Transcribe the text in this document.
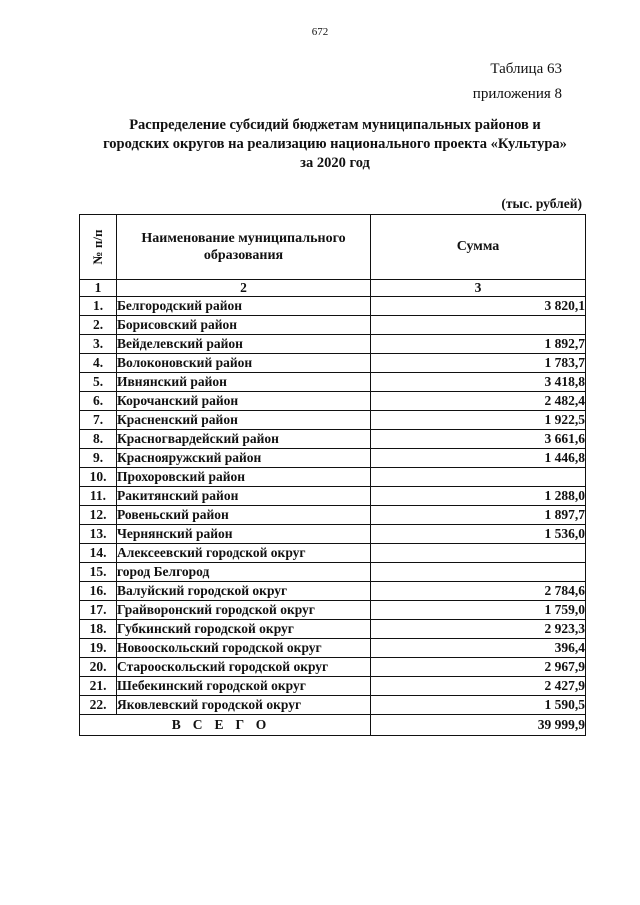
672
Таблица 63
приложения 8
Распределение субсидий бюджетам муниципальных районов и
городских округов на реализацию национального проекта «Культура»
за 2020 год
(тыс. рублей)
№ п/п	Наименование муниципального
образования	Сумма
1	2	3
1.	Белгородский район	3 820,1
2.	Борисовский район	
3.	Вейделевский район	1 892,7
4.	Волоконовский район	1 783,7
5.	Ивнянский район	3 418,8
6.	Корочанский район	2 482,4
7.	Красненский район	1 922,5
8.	Красногвардейский район	3 661,6
9.	Краснояружский район	1 446,8
10.	Прохоровский район	
11.	Ракитянский район	1 288,0
12.	Ровеньский район	1 897,7
13.	Чернянский район	1 536,0
14.	Алексеевский городской округ	
15.	город Белгород	
16.	Валуйский городской округ	2 784,6
17.	Грайворонский городской округ	1 759,0
18.	Губкинский городской округ	2 923,3
19.	Новооскольский городской округ	396,4
20.	Старооскольский городской округ	2 967,9
21.	Шебекинский городской округ	2 427,9
22.	Яковлевский городской округ	1 590,5
ВСЕГО		39 999,9
